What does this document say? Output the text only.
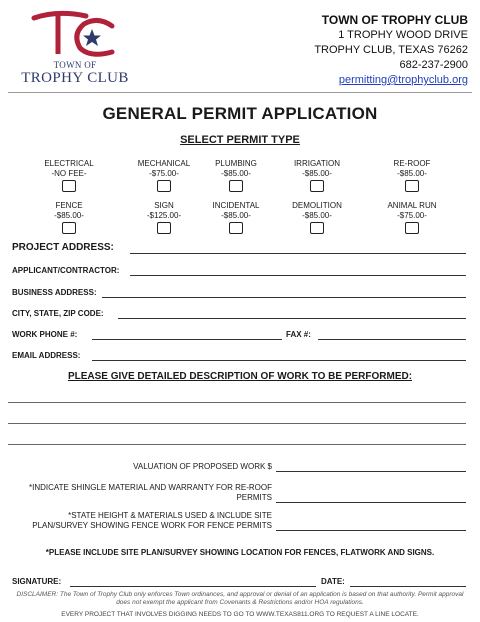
TOWN OF
TROPHY CLUB
TOWN OF TROPHY CLUB
1 TROPHY WOOD DRIVE
TROPHY CLUB, TEXAS 76262
682-237-2900
permitting@trophyclub.org
GENERAL PERMIT APPLICATION
SELECT PERMIT TYPE
ELECTRICAL
-NO FEE-
MECHANICAL
-$75.00-
PLUMBING
-$85.00-
IRRIGATION
-$85.00-
RE-ROOF
-$85.00-
FENCE
-$85.00-
SIGN
-$125.00-
INCIDENTAL
-$85.00-
DEMOLITION
-$85.00-
ANIMAL RUN
-$75.00-
PROJECT ADDRESS:
APPLICANT/CONTRACTOR:
BUSINESS ADDRESS:
CITY, STATE, ZIP CODE:
WORK PHONE #:	FAX #:
EMAIL ADDRESS:
PLEASE GIVE DETAILED DESCRIPTION OF WORK TO BE PERFORMED:
VALUATION OF PROPOSED WORK $
*INDICATE SHINGLE MATERIAL AND WARRANTY FOR RE-ROOF PERMITS
*STATE HEIGHT & MATERIALS USED & INCLUDE SITE PLAN/SURVEY SHOWING FENCE WORK FOR FENCE PERMITS
*PLEASE INCLUDE SITE PLAN/SURVEY SHOWING LOCATION FOR FENCES, FLATWORK AND SIGNS.
SIGNATURE:	DATE:
DISCLAIMER: The Town of Trophy Club only enforces Town ordinances, and approval or denial of an application is based on that authority. Permit approval does not exempt the applicant from Covenants & Restrictions and/or HOA regulations.
EVERY PROJECT THAT INVOLVES DIGGING NEEDS TO GO TO WWW.TEXAS811.ORG TO REQUEST A LINE LOCATE.
